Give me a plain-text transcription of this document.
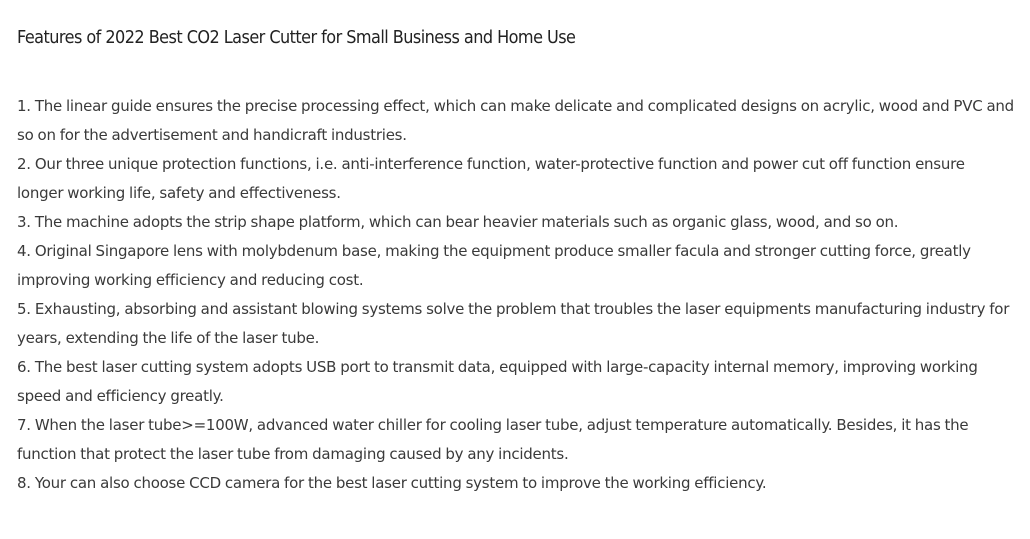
Features of 2022 Best CO2 Laser Cutter for Small Business and Home Use
1. The linear guide ensures the precise processing effect, which can make delicate and complicated designs on acrylic, wood and PVC and so on for the advertisement and handicraft industries.
2. Our three unique protection functions, i.e. anti-interference function, water-protective function and power cut off function ensure longer working life, safety and effectiveness.
3. The machine adopts the strip shape platform, which can bear heavier materials such as organic glass, wood, and so on.
4. Original Singapore lens with molybdenum base, making the equipment produce smaller facula and stronger cutting force, greatly improving working efficiency and reducing cost.
5. Exhausting, absorbing and assistant blowing systems solve the problem that troubles the laser equipments manufacturing industry for years, extending the life of the laser tube.
6. The best laser cutting system adopts USB port to transmit data, equipped with large-capacity internal memory, improving working speed and efficiency greatly.
7. When the laser tube>=100W, advanced water chiller for cooling laser tube, adjust temperature automatically. Besides, it has the function that protect the laser tube from damaging caused by any incidents.
8. Your can also choose CCD camera for the best laser cutting system to improve the working efficiency.
